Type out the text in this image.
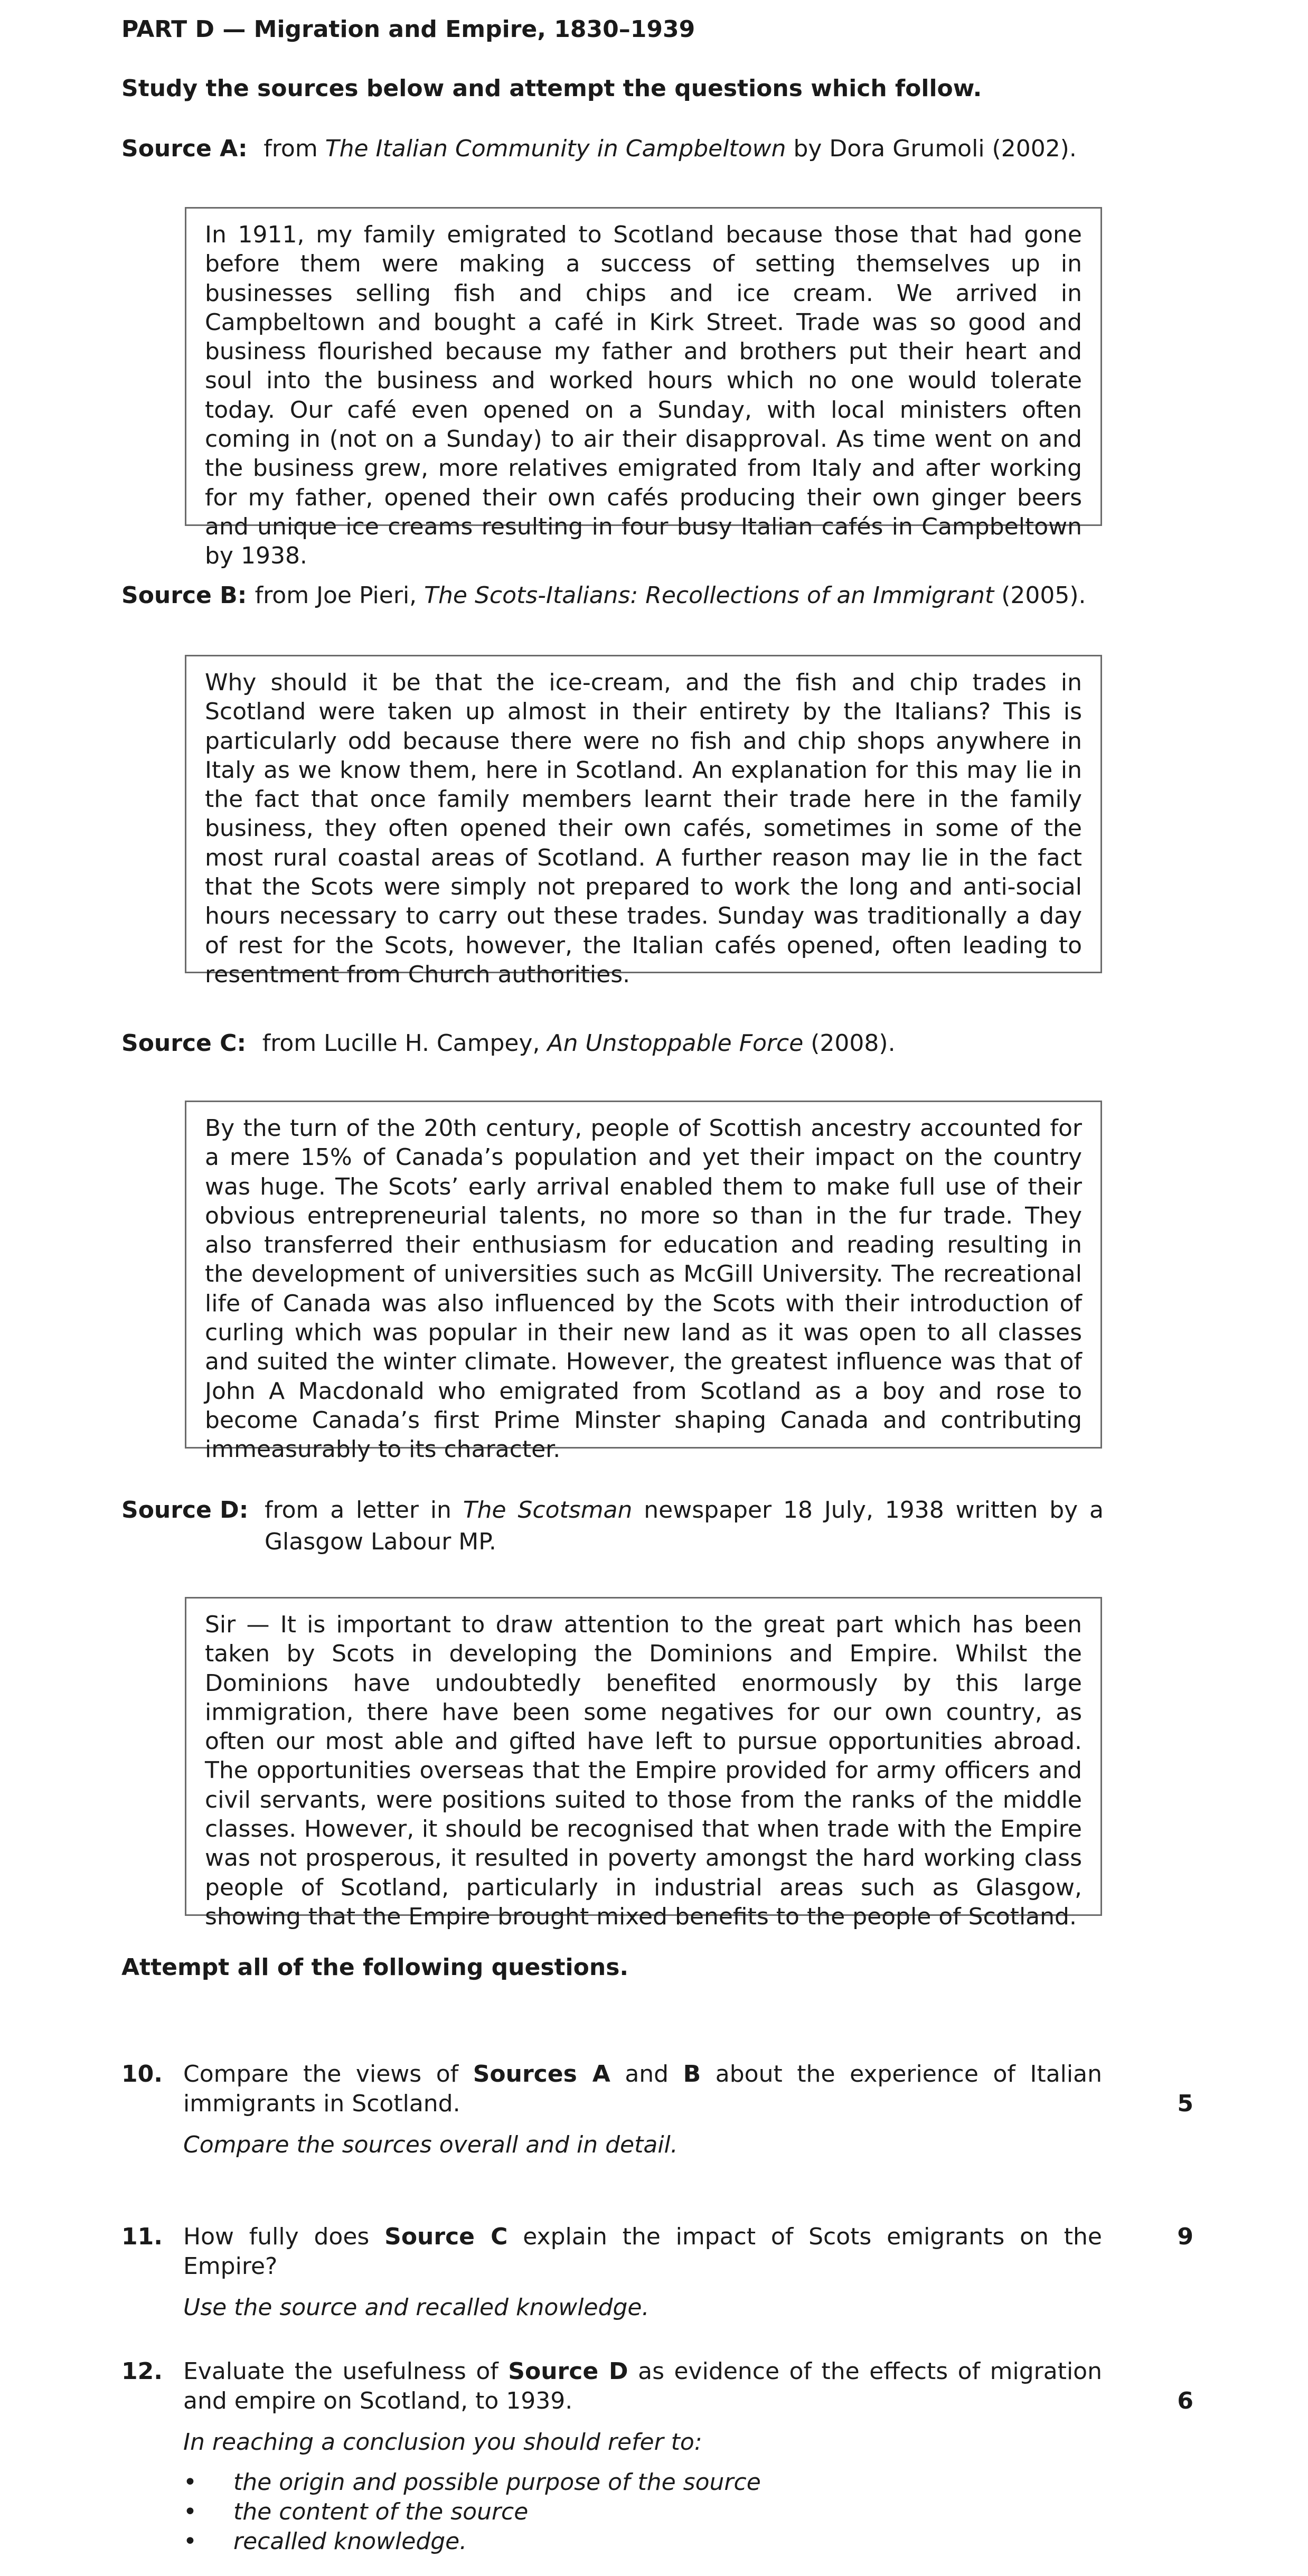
PART D — Migration and Empire, 1830–1939
Study the sources below and attempt the questions which follow.
Source A: from The Italian Community in Campbeltown by Dora Grumoli (2002).
In 1911, my family emigrated to Scotland because those that had gone before them were making a success of setting themselves up in businesses selling fish and chips and ice cream. We arrived in Campbeltown and bought a café in Kirk Street. Trade was so good and business flourished because my father and brothers put their heart and soul into the business and worked hours which no one would tolerate today. Our café even opened on a Sunday, with local ministers often coming in (not on a Sunday) to air their disapproval. As time went on and the business grew, more relatives emigrated from Italy and after working for my father, opened their own cafés producing their own ginger beers and unique ice creams resulting in four busy Italian cafés in Campbeltown by 1938.
Source B: from Joe Pieri, The Scots-Italians: Recollections of an Immigrant (2005).
Why should it be that the ice-cream, and the fish and chip trades in Scotland were taken up almost in their entirety by the Italians? This is particularly odd because there were no fish and chip shops anywhere in Italy as we know them, here in Scotland. An explanation for this may lie in the fact that once family members learnt their trade here in the family business, they often opened their own cafés, sometimes in some of the most rural coastal areas of Scotland. A further reason may lie in the fact that the Scots were simply not prepared to work the long and anti-social hours necessary to carry out these trades. Sunday was traditionally a day of rest for the Scots, however, the Italian cafés opened, often leading to resentment from Church authorities.
Source C: from Lucille H. Campey, An Unstoppable Force (2008).
By the turn of the 20th century, people of Scottish ancestry accounted for a mere 15% of Canada’s population and yet their impact on the country was huge. The Scots’ early arrival enabled them to make full use of their obvious entrepreneurial talents, no more so than in the fur trade. They also transferred their enthusiasm for education and reading resulting in the development of universities such as McGill University. The recreational life of Canada was also influenced by the Scots with their introduction of curling which was popular in their new land as it was open to all classes and suited the winter climate. However, the greatest influence was that of John A Macdonald who emigrated from Scotland as a boy and rose to become Canada’s first Prime Minster shaping Canada and contributing immeasurably to its character.
Source D: from a letter in The Scotsman newspaper 18 July, 1938 written by a Glasgow Labour MP.
Sir — It is important to draw attention to the great part which has been taken by Scots in developing the Dominions and Empire. Whilst the Dominions have undoubtedly benefited enormously by this large immigration, there have been some negatives for our own country, as often our most able and gifted have left to pursue opportunities abroad. The opportunities overseas that the Empire provided for army officers and civil servants, were positions suited to those from the ranks of the middle classes. However, it should be recognised that when trade with the Empire was not prosperous, it resulted in poverty amongst the hard working class people of Scotland, particularly in industrial areas such as Glasgow, showing that the Empire brought mixed benefits to the people of Scotland.
Attempt all of the following questions.
10. Compare the views of Sources A and B about the experience of Italian immigrants in Scotland.
Compare the sources overall and in detail.
5
11. How fully does Source C explain the impact of Scots emigrants on the Empire?
Use the source and recalled knowledge.
9
12. Evaluate the usefulness of Source D as evidence of the effects of migration and empire on Scotland, to 1939.
In reaching a conclusion you should refer to:
• the origin and possible purpose of the source
• the content of the source
• recalled knowledge.
6
